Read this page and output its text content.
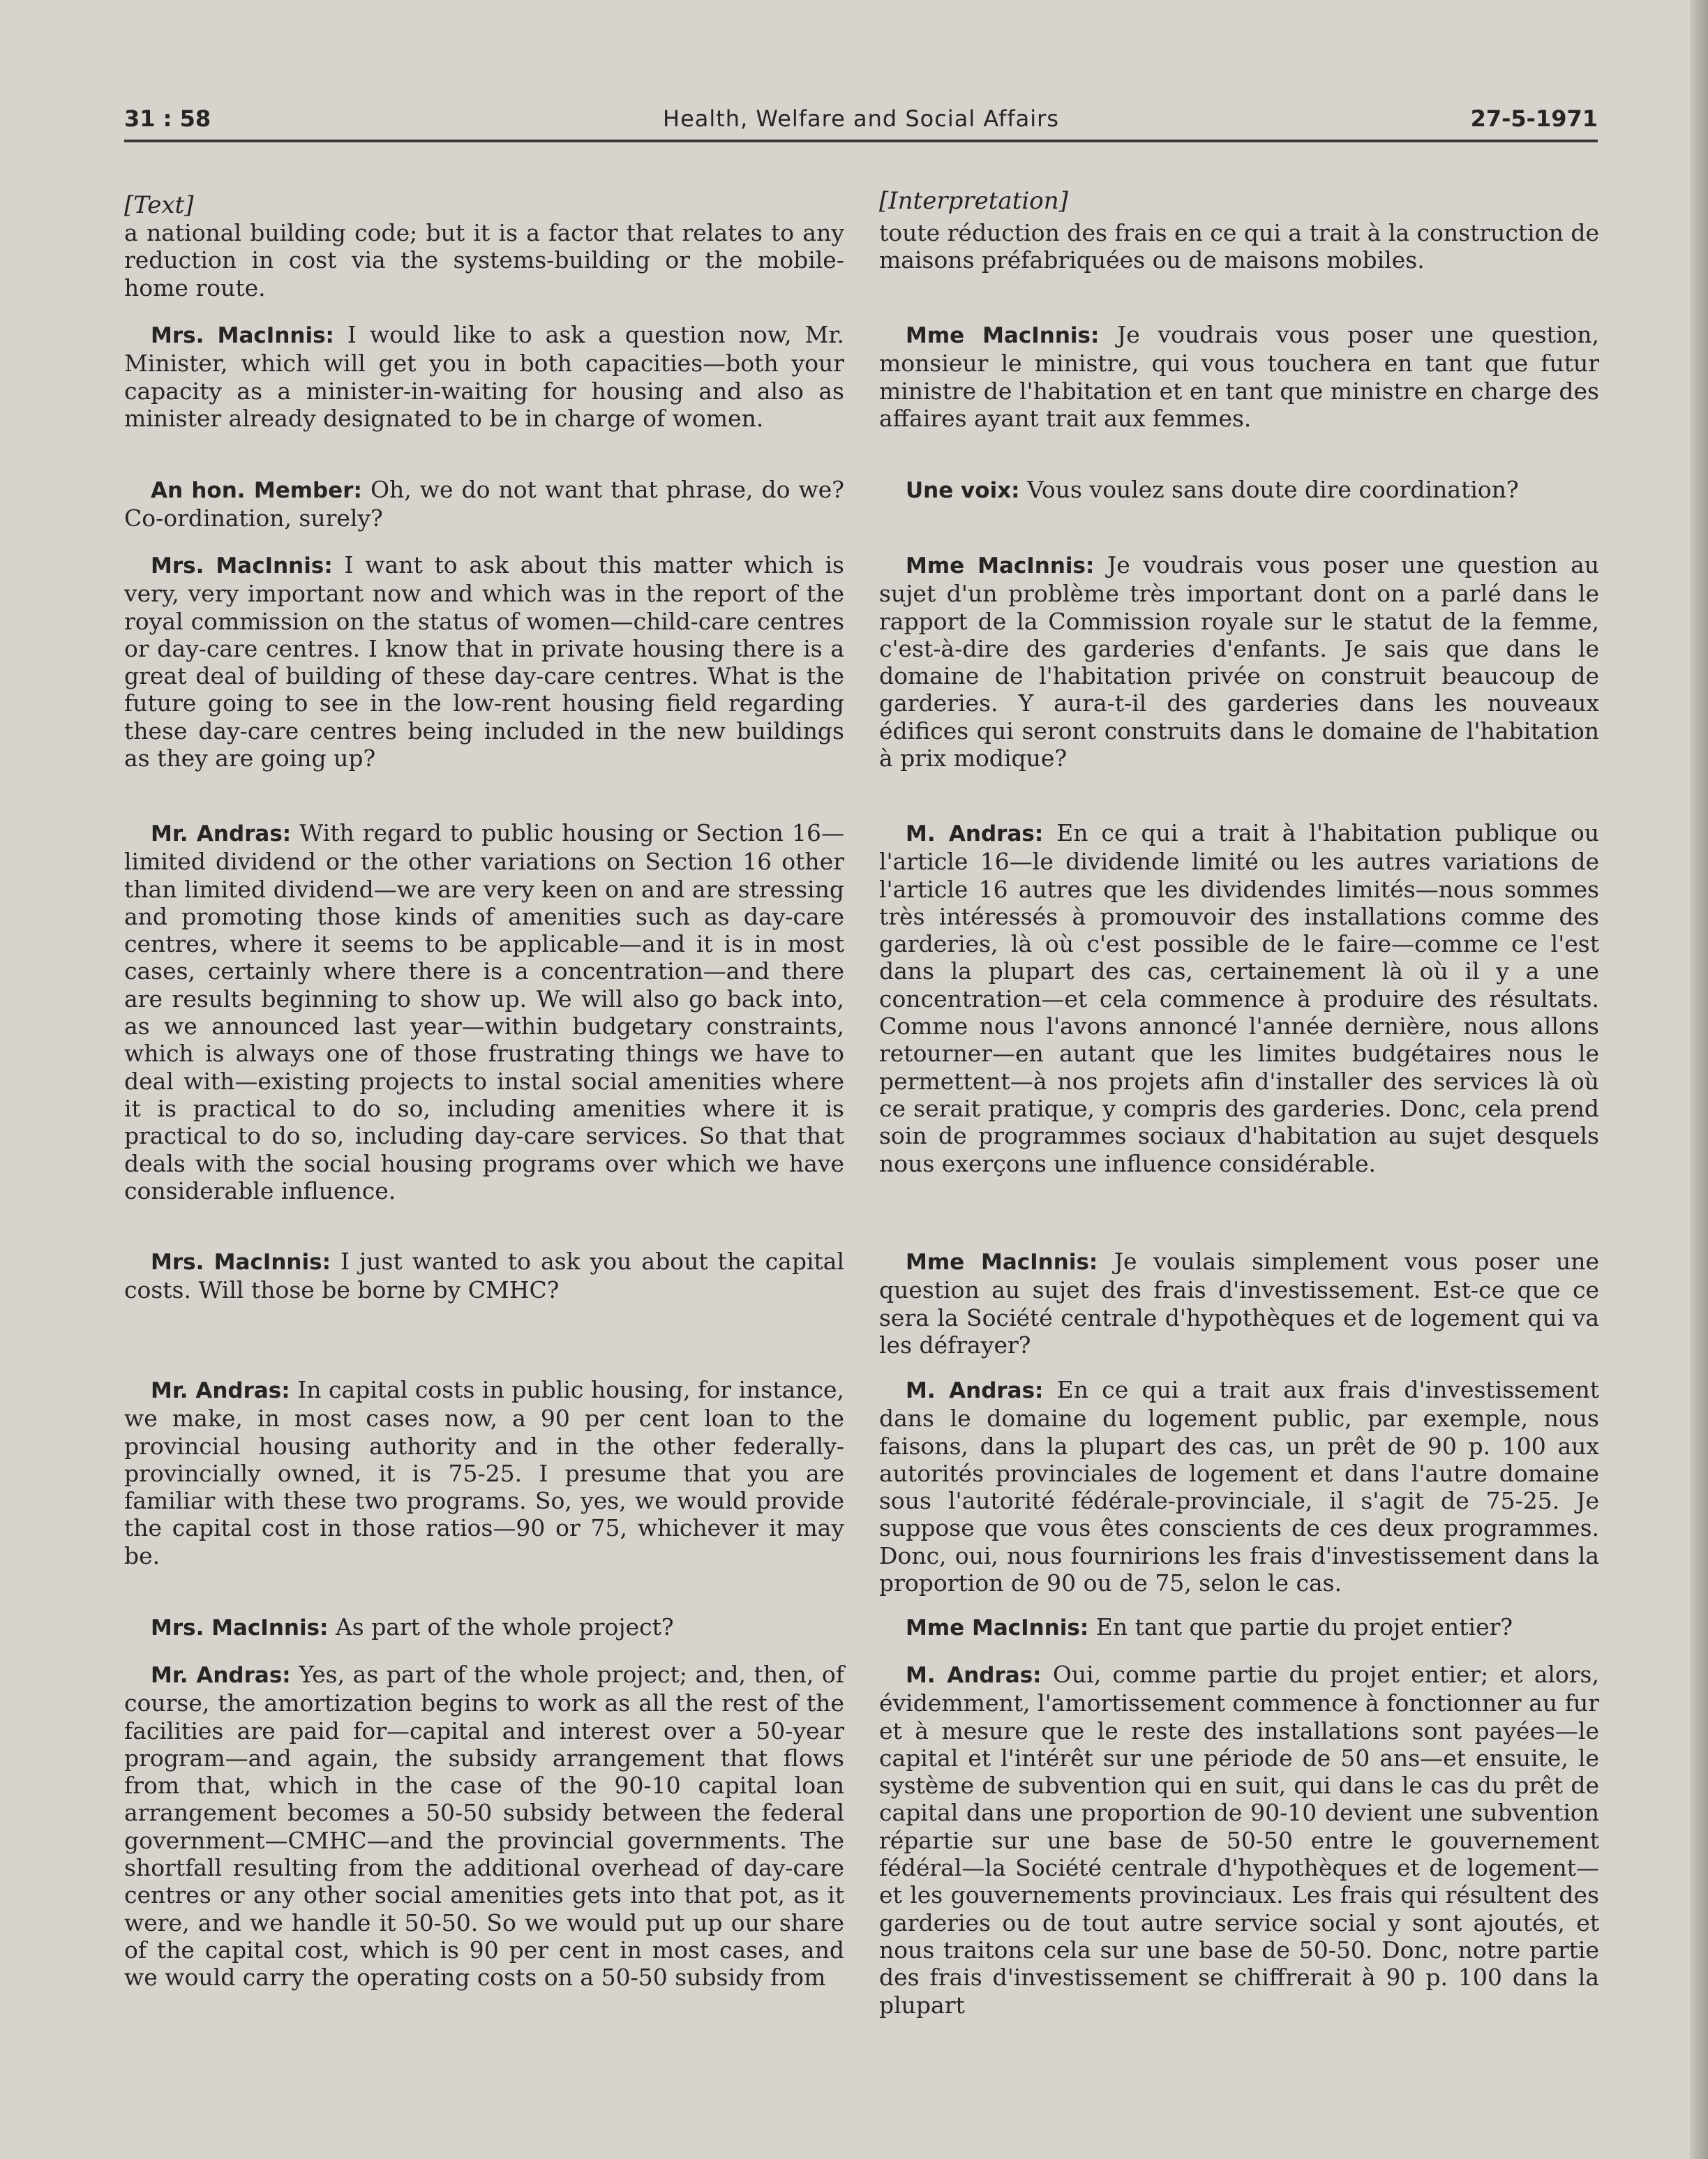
Health, Welfare and Social Affairs
31 : 58	27-5-1971

[Text]

a national building code; but it is a factor that relates to any reduction in cost via the systems-building or the mobile-home route.

Mrs. MacInnis: I would like to ask a question now, Mr. Minister, which will get you in both capacities—both your capacity as a minister-in-waiting for housing and also as minister already designated to be in charge of women.

An hon. Member: Oh, we do not want that phrase, do we? Co-ordination, surely?

Mrs. MacInnis: I want to ask about this matter which is very, very important now and which was in the report of the royal commission on the status of women—child-care centres or day-care centres. I know that in private housing there is a great deal of building of these day-care centres. What is the future going to see in the low-rent housing field regarding these day-care centres being included in the new buildings as they are going up?

Mr. Andras: With regard to public housing or Section 16—limited dividend or the other variations on Section 16 other than limited dividend—we are very keen on and are stressing and promoting those kinds of amenities such as day-care centres, where it seems to be applicable—and it is in most cases, certainly where there is a concentration—and there are results beginning to show up. We will also go back into, as we announced last year—within budgetary constraints, which is always one of those frustrating things we have to deal with—existing projects to instal social amenities where it is practical to do so, including amenities where it is practical to do so, including day-care services. So that that deals with the social housing programs over which we have considerable influence.

Mrs. MacInnis: I just wanted to ask you about the capital costs. Will those be borne by CMHC?

Mr. Andras: In capital costs in public housing, for instance, we make, in most cases now, a 90 per cent loan to the provincial housing authority and in the other federally-provincially owned, it is 75-25. I presume that you are familiar with these two programs. So, yes, we would provide the capital cost in those ratios—90 or 75, whichever it may be.

Mrs. MacInnis: As part of the whole project?

Mr. Andras: Yes, as part of the whole project; and, then, of course, the amortization begins to work as all the rest of the facilities are paid for—capital and interest over a 50-year program—and again, the subsidy arrangement that flows from that, which in the case of the 90-10 capital loan arrangement becomes a 50-50 subsidy between the federal government—CMHC—and the provincial governments. The shortfall resulting from the additional overhead of day-care centres or any other social amenities gets into that pot, as it were, and we handle it 50-50. So we would put up our share of the capital cost, which is 90 per cent in most cases, and we would carry the operating costs on a 50-50 subsidy from

[Interpretation]

toute réduction des frais en ce qui a trait à la construction de maisons préfabriquées ou de maisons mobiles.

Mme MacInnis: Je voudrais vous poser une question, monsieur le ministre, qui vous touchera en tant que futur ministre de l'habitation et en tant que ministre en charge des affaires ayant trait aux femmes.

Une voix: Vous voulez sans doute dire coordination?

Mme MacInnis: Je voudrais vous poser une question au sujet d'un problème très important dont on a parlé dans le rapport de la Commission royale sur le statut de la femme, c'est-à-dire des garderies d'enfants. Je sais que dans le domaine de l'habitation privée on construit beaucoup de garderies. Y aura-t-il des garderies dans les nouveaux édifices qui seront construits dans le domaine de l'habitation à prix modique?

M. Andras: En ce qui a trait à l'habitation publique ou l'article 16—le dividende limité ou les autres variations de l'article 16 autres que les dividendes limités—nous sommes très intéressés à promouvoir des installations comme des garderies, là où c'est possible de le faire—comme ce l'est dans la plupart des cas, certainement là où il y a une concentration—et cela commence à produire des résultats. Comme nous l'avons annoncé l'année dernière, nous allons retourner—en autant que les limites budgétaires nous le permettent—à nos projets afin d'installer des services là où ce serait pratique, y compris des garderies. Donc, cela prend soin de programmes sociaux d'habitation au sujet desquels nous exerçons une influence considérable.

Mme MacInnis: Je voulais simplement vous poser une question au sujet des frais d'investissement. Est-ce que ce sera la Société centrale d'hypothèques et de logement qui va les défrayer?

M. Andras: En ce qui a trait aux frais d'investissement dans le domaine du logement public, par exemple, nous faisons, dans la plupart des cas, un prêt de 90 p. 100 aux autorités provinciales de logement et dans l'autre domaine sous l'autorité fédérale-provinciale, il s'agit de 75-25. Je suppose que vous êtes conscients de ces deux programmes. Donc, oui, nous fournirions les frais d'investissement dans la proportion de 90 ou de 75, selon le cas.

Mme MacInnis: En tant que partie du projet entier?

M. Andras: Oui, comme partie du projet entier; et alors, évidemment, l'amortissement commence à fonctionner au fur et à mesure que le reste des installations sont payées—le capital et l'intérêt sur une période de 50 ans—et ensuite, le système de subvention qui en suit, qui dans le cas du prêt de capital dans une proportion de 90-10 devient une subvention répartie sur une base de 50-50 entre le gouvernement fédéral—la Société centrale d'hypothèques et de logement—et les gouvernements provinciaux. Les frais qui résultent des garderies ou de tout autre service social y sont ajoutés, et nous traitons cela sur une base de 50-50. Donc, notre partie des frais d'investissement se chiffrerait à 90 p. 100 dans la plupart
